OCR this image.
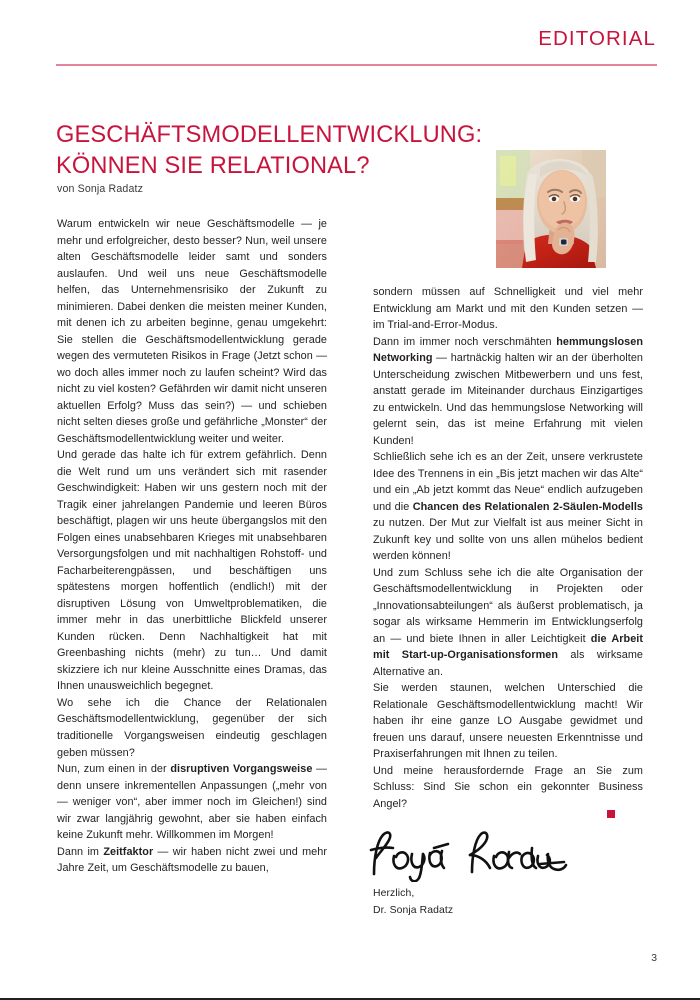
EDITORIAL
GESCHÄFTSMODELLENTWICKLUNG:
KÖNNEN SIE RELATIONAL?
von Sonja Radatz

Warum entwickeln wir neue Geschäftsmodelle — je mehr und erfolgreicher, desto besser? Nun, weil unsere alten Geschäftsmodelle leider samt und sonders auslaufen. Und weil uns neue Geschäftsmodelle helfen, das Unternehmensrisiko der Zukunft zu minimieren. Dabei denken die meisten meiner Kunden, mit denen ich zu arbeiten beginne, genau umgekehrt: Sie stellen die Geschäftsmodellentwicklung gerade wegen des vermuteten Risikos in Frage (Jetzt schon — wo doch alles immer noch zu laufen scheint? Wird das nicht zu viel kosten? Gefährden wir damit nicht unseren aktuellen Erfolg? Muss das sein?) — und schieben nicht selten dieses große und gefährliche „Monster“ der Geschäftsmodellentwicklung weiter und weiter.

Und gerade das halte ich für extrem gefährlich. Denn die Welt rund um uns verändert sich mit rasender Geschwindigkeit: Haben wir uns gestern noch mit der Tragik einer jahrelangen Pandemie und leeren Büros beschäftigt, plagen wir uns heute übergangslos mit den Folgen eines unabsehbaren Krieges mit unabsehbaren Versorgungsfolgen und mit nachhaltigen Rohstoff- und Facharbeiterengpässen, und beschäftigen uns spätestens morgen hoffentlich (endlich!) mit der disruptiven Lösung von Umweltproblematiken, die immer mehr in das unerbittliche Blickfeld unserer Kunden rücken. Denn Nachhaltigkeit hat mit Greenbashing nichts (mehr) zu tun… Und damit skizziere ich nur kleine Ausschnitte eines Dramas, das Ihnen unausweichlich begegnet.

Wo sehe ich die Chance der Relationalen Geschäftsmodellentwicklung, gegenüber der sich traditionelle Vorgangsweisen eindeutig geschlagen geben müssen?

Nun, zum einen in der disruptiven Vorgangsweise — denn unsere inkrementellen Anpassungen („mehr von — weniger von“, aber immer noch im Gleichen!) sind wir zwar langjährig gewohnt, aber sie haben einfach keine Zukunft mehr. Willkommen im Morgen!

Dann im Zeitfaktor — wir haben nicht zwei und mehr Jahre Zeit, um Geschäftsmodelle zu bauen,

sondern müssen auf Schnelligkeit und viel mehr Entwicklung am Markt und mit den Kunden setzen — im Trial-and-Error-Modus.

Dann im immer noch verschmähten hemmungslosen Networking — hartnäckig halten wir an der überholten Unterscheidung zwischen Mitbewerbern und uns fest, anstatt gerade im Miteinander durchaus Einzigartiges zu entwickeln. Und das hemmungslose Networking will gelernt sein, das ist meine Erfahrung mit vielen Kunden!

Schließlich sehe ich es an der Zeit, unsere verkrustete Idee des Trennens in ein „Bis jetzt machen wir das Alte“ und ein „Ab jetzt kommt das Neue“ endlich aufzugeben und die Chancen des Relationalen 2-Säulen-Modells zu nutzen. Der Mut zur Vielfalt ist aus meiner Sicht in Zukunft key und sollte von uns allen mühelos bedient werden können!

Und zum Schluss sehe ich die alte Organisation der Geschäftsmodellentwicklung in Projekten oder „Innovationsabteilungen“ als äußerst problematisch, ja sogar als wirksame Hemmerin im Entwicklungserfolg an — und biete Ihnen in aller Leichtigkeit die Arbeit mit Start-up-Organisationsformen als wirksame Alternative an.

Sie werden staunen, welchen Unterschied die Relationale Geschäftsmodellentwicklung macht! Wir haben ihr eine ganze LO Ausgabe gewidmet und freuen uns darauf, unsere neuesten Erkenntnisse und Praxiserfahrungen mit Ihnen zu teilen.

Und meine herausfordernde Frage an Sie zum Schluss: Sind Sie schon ein gekonnter Business Angel?

Herzlich,
Dr. Sonja Radatz
3
